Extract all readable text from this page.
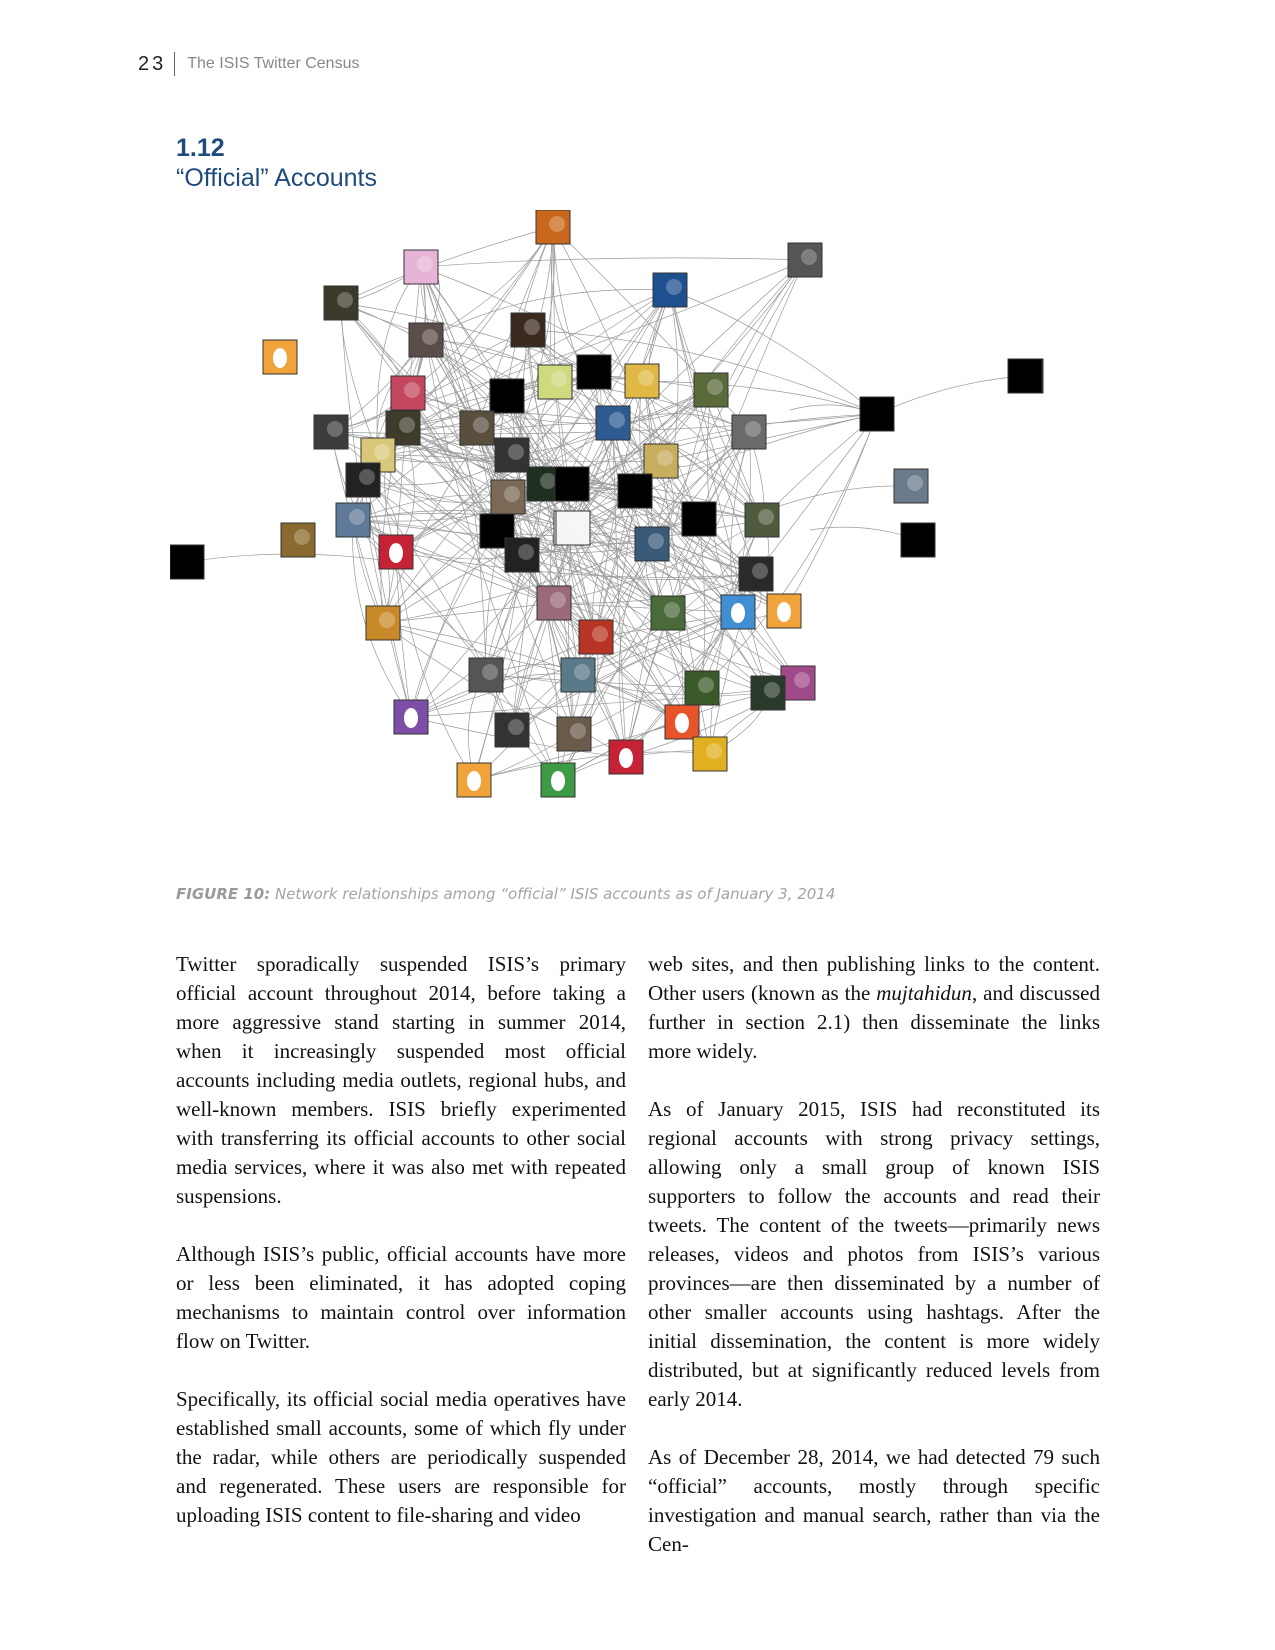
23 The ISIS Twitter Census
1.12
“Official” Accounts
FIGURE 10: Network relationships among “official” ISIS accounts as of January 3, 2014

Twitter sporadically suspended ISIS’s primary official account throughout 2014, before taking a more aggressive stand starting in summer 2014, when it increasingly suspended most official accounts including media outlets, regional hubs, and well-known members. ISIS briefly experimented with transferring its official accounts to other social media services, where it was also met with repeated suspensions.

Although ISIS’s public, official accounts have more or less been eliminated, it has adopted coping mechanisms to maintain control over information flow on Twitter.

Specifically, its official social media operatives have established small accounts, some of which fly under the radar, while others are periodically suspended and regenerated. These users are responsible for uploading ISIS content to file-sharing and video

web sites, and then publishing links to the content. Other users (known as the mujtahidun, and discussed further in section 2.1) then disseminate the links more widely.

As of January 2015, ISIS had reconstituted its regional accounts with strong privacy settings, allowing only a small group of known ISIS supporters to follow the accounts and read their tweets. The content of the tweets—primarily news releases, videos and photos from ISIS’s various provinces—are then disseminated by a number of other smaller accounts using hashtags. After the initial dissemination, the content is more widely distributed, but at significantly reduced levels from early 2014.

As of December 28, 2014, we had detected 79 such “official” accounts, mostly through specific investigation and manual search, rather than via the Cen-
